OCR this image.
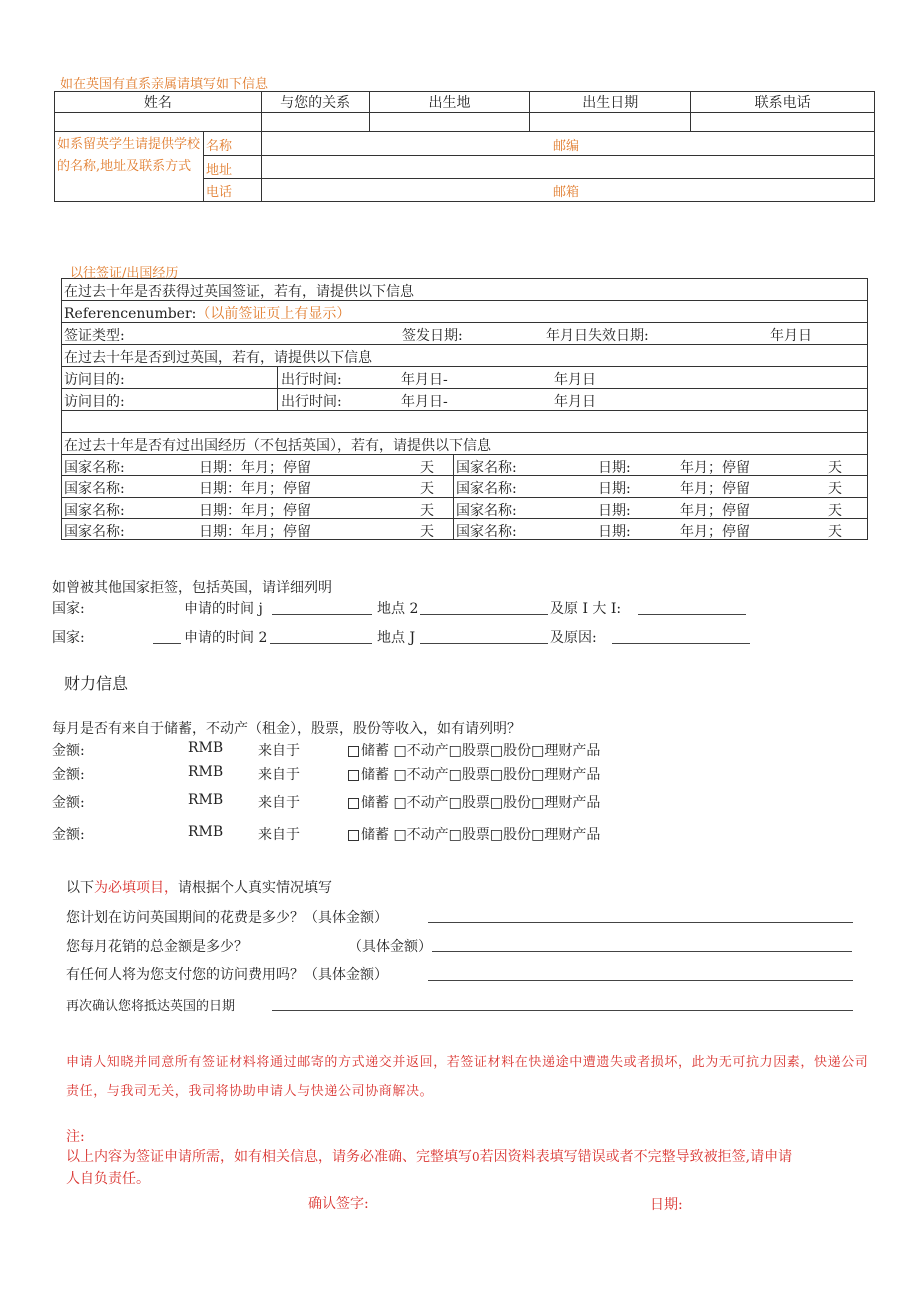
如在英国有直系亲属请填写如下信息
姓名	与您的关系	出生地	出生日期	联系电话

如系留英学生请提供学校的名称,地址及联系方式
名称	邮编
地址
电话	邮箱
以往签证/出国经历
在过去十年是否获得过英国签证，若有，请提供以下信息
Referencenumber:（以前签证页上有显示）
签证类型:	签发日期:	年月日失效日期:	年月日
在过去十年是否到过英国，若有，请提供以下信息
访问目的:	出行时间:	年月日-	年月日
访问目的:	出行时间:	年月日-	年月日
在过去十年是否有过出国经历（不包括英国），若有，请提供以下信息
国家名称:	日期：年月；停留	天 国家名称:	日期:	年月；停留	天
国家名称:	日期：年月；停留	天 国家名称:	日期:	年月；停留	天
国家名称:	日期：年月；停留	天 国家名称:	日期:	年月；停留	天
国家名称:	日期：年月；停留	天 国家名称:	日期:	年月；停留	天
如曾被其他国家拒签，包括英国，请详细列明
国家:	申请的时间 j	地点 2	及原 I 大 I:
国家:	申请的时间 2	地点 J	及原因:
财力信息
每月是否有来自于储蓄，不动产（租金），股票，股份等收入，如有请列明？
金额:	RMB 来自于	储蓄 □不动产□股票□股份□理财产品
金额:	RMB 来自于	储蓄 □不动产□股票□股份□理财产品
金额:	RMB 来自于	储蓄 □不动产□股票□股份□理财产品
金额:	RMB 来自于	储蓄 □不动产□股票□股份□理财产品
以下为必填项目，请根据个人真实情况填写
您计划在访问英国期间的花费是多少？（具体金额）
您每月花销的总金额是多少？	（具体金额）
有任何人将为您支付您的访问费用吗？（具体金额）
再次确认您将抵达英国的日期
申请人知晓并同意所有签证材料将通过邮寄的方式递交并返回，若签证材料在快递途中遭遗失或者损坏，此为无可抗力因素，快递公司责任，与我司无关，我司将协助申请人与快递公司协商解决。
注:
以上内容为签证申请所需，如有相关信息，请务必准确、完整填写0若因资料表填写错误或者不完整导致被拒签,请申请
人自负责任。
确认签字:	日期:
